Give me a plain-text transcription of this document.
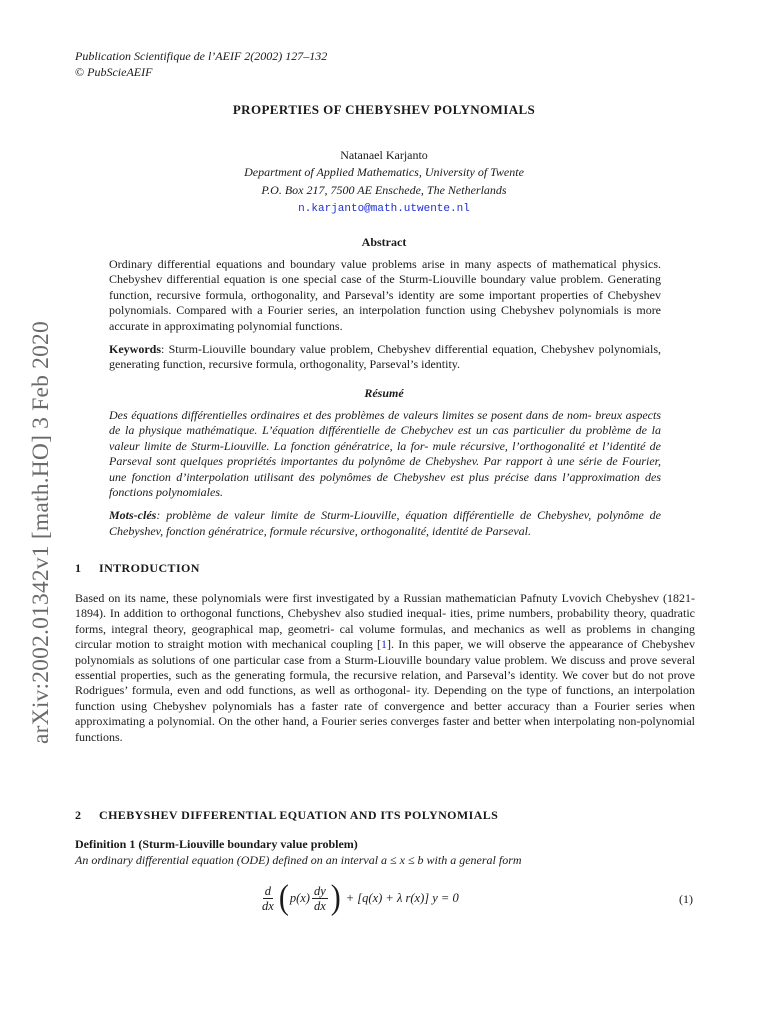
arXiv:2002.01342v1 [math.HO] 3 Feb 2020
Publication Scientifique de l’AEIF 2(2002) 127–132
© PubScieAEIF
PROPERTIES OF CHEBYSHEV POLYNOMIALS
Natanael Karjanto
Department of Applied Mathematics, University of Twente
P.O. Box 217, 7500 AE Enschede, The Netherlands
n.karjanto@math.utwente.nl
Abstract

Ordinary differential equations and boundary value problems arise in many aspects of mathematical physics. Chebyshev differential equation is one special case of the Sturm-Liouville boundary value problem. Generating function, recursive formula, orthogonality, and Parseval’s identity are some important properties of Chebyshev polynomials. Compared with a Fourier series, an interpolation function using Chebyshev polynomials is more accurate in approximating polynomial functions.

Keywords: Sturm-Liouville boundary value problem, Chebyshev differential equation, Chebyshev polynomials, generating function, recursive formula, orthogonality, Parseval’s identity.

Résumé

Des équations différentielles ordinaires et des problèmes de valeurs limites se posent dans de nom- breux aspects de la physique mathématique. L’équation différentielle de Chebychev est un cas particulier du problème de la valeur limite de Sturm-Liouville. La fonction génératrice, la for- mule récursive, l’orthogonalité et l’identité de Parseval sont quelques propriétés importantes du polynôme de Chebyshev. Par rapport à une série de Fourier, une fonction d’interpolation utilisant des polynômes de Chebyshev est plus précise dans l’approximation des fonctions polynomiales.

Mots-clés: problème de valeur limite de Sturm-Liouville, équation différentielle de Chebyshev, polynôme de Chebyshev, fonction génératrice, formule récursive, orthogonalité, identité de Parseval.

1 INTRODUCTION

Based on its name, these polynomials were first investigated by a Russian mathematician Pafnuty Lvovich Chebyshev (1821-1894). In addition to orthogonal functions, Chebyshev also studied inequal- ities, prime numbers, probability theory, quadratic forms, integral theory, geographical map, geometri- cal volume formulas, and mechanics as well as problems in changing circular motion to straight motion with mechanical coupling [1]. In this paper, we will observe the appearance of Chebyshev polynomials as solutions of one particular case from a Sturm-Liouville boundary value problem. We discuss and prove several essential properties, such as the generating formula, the recursive relation, and Parseval’s identity. We cover but do not prove Rodrigues’ formula, even and odd functions, as well as orthogonal- ity. Depending on the type of functions, an interpolation function using Chebyshev polynomials has a faster rate of convergence and better accuracy than a Fourier series when approximating a polynomial. On the other hand, a Fourier series converges faster and better when interpolating non-polynomial functions.

2 CHEBYSHEV DIFFERENTIAL EQUATION AND ITS POLYNOMIALS
Definition 1 (Sturm-Liouville boundary value problem)
An ordinary differential equation (ODE) defined on an interval a ≤ x ≤ b with a general form
$\frac{d}{dx}$ ( $p(x) \frac{dy}{dx}$ ) + [q(x) + λ r(x)] y = 0	(1)
